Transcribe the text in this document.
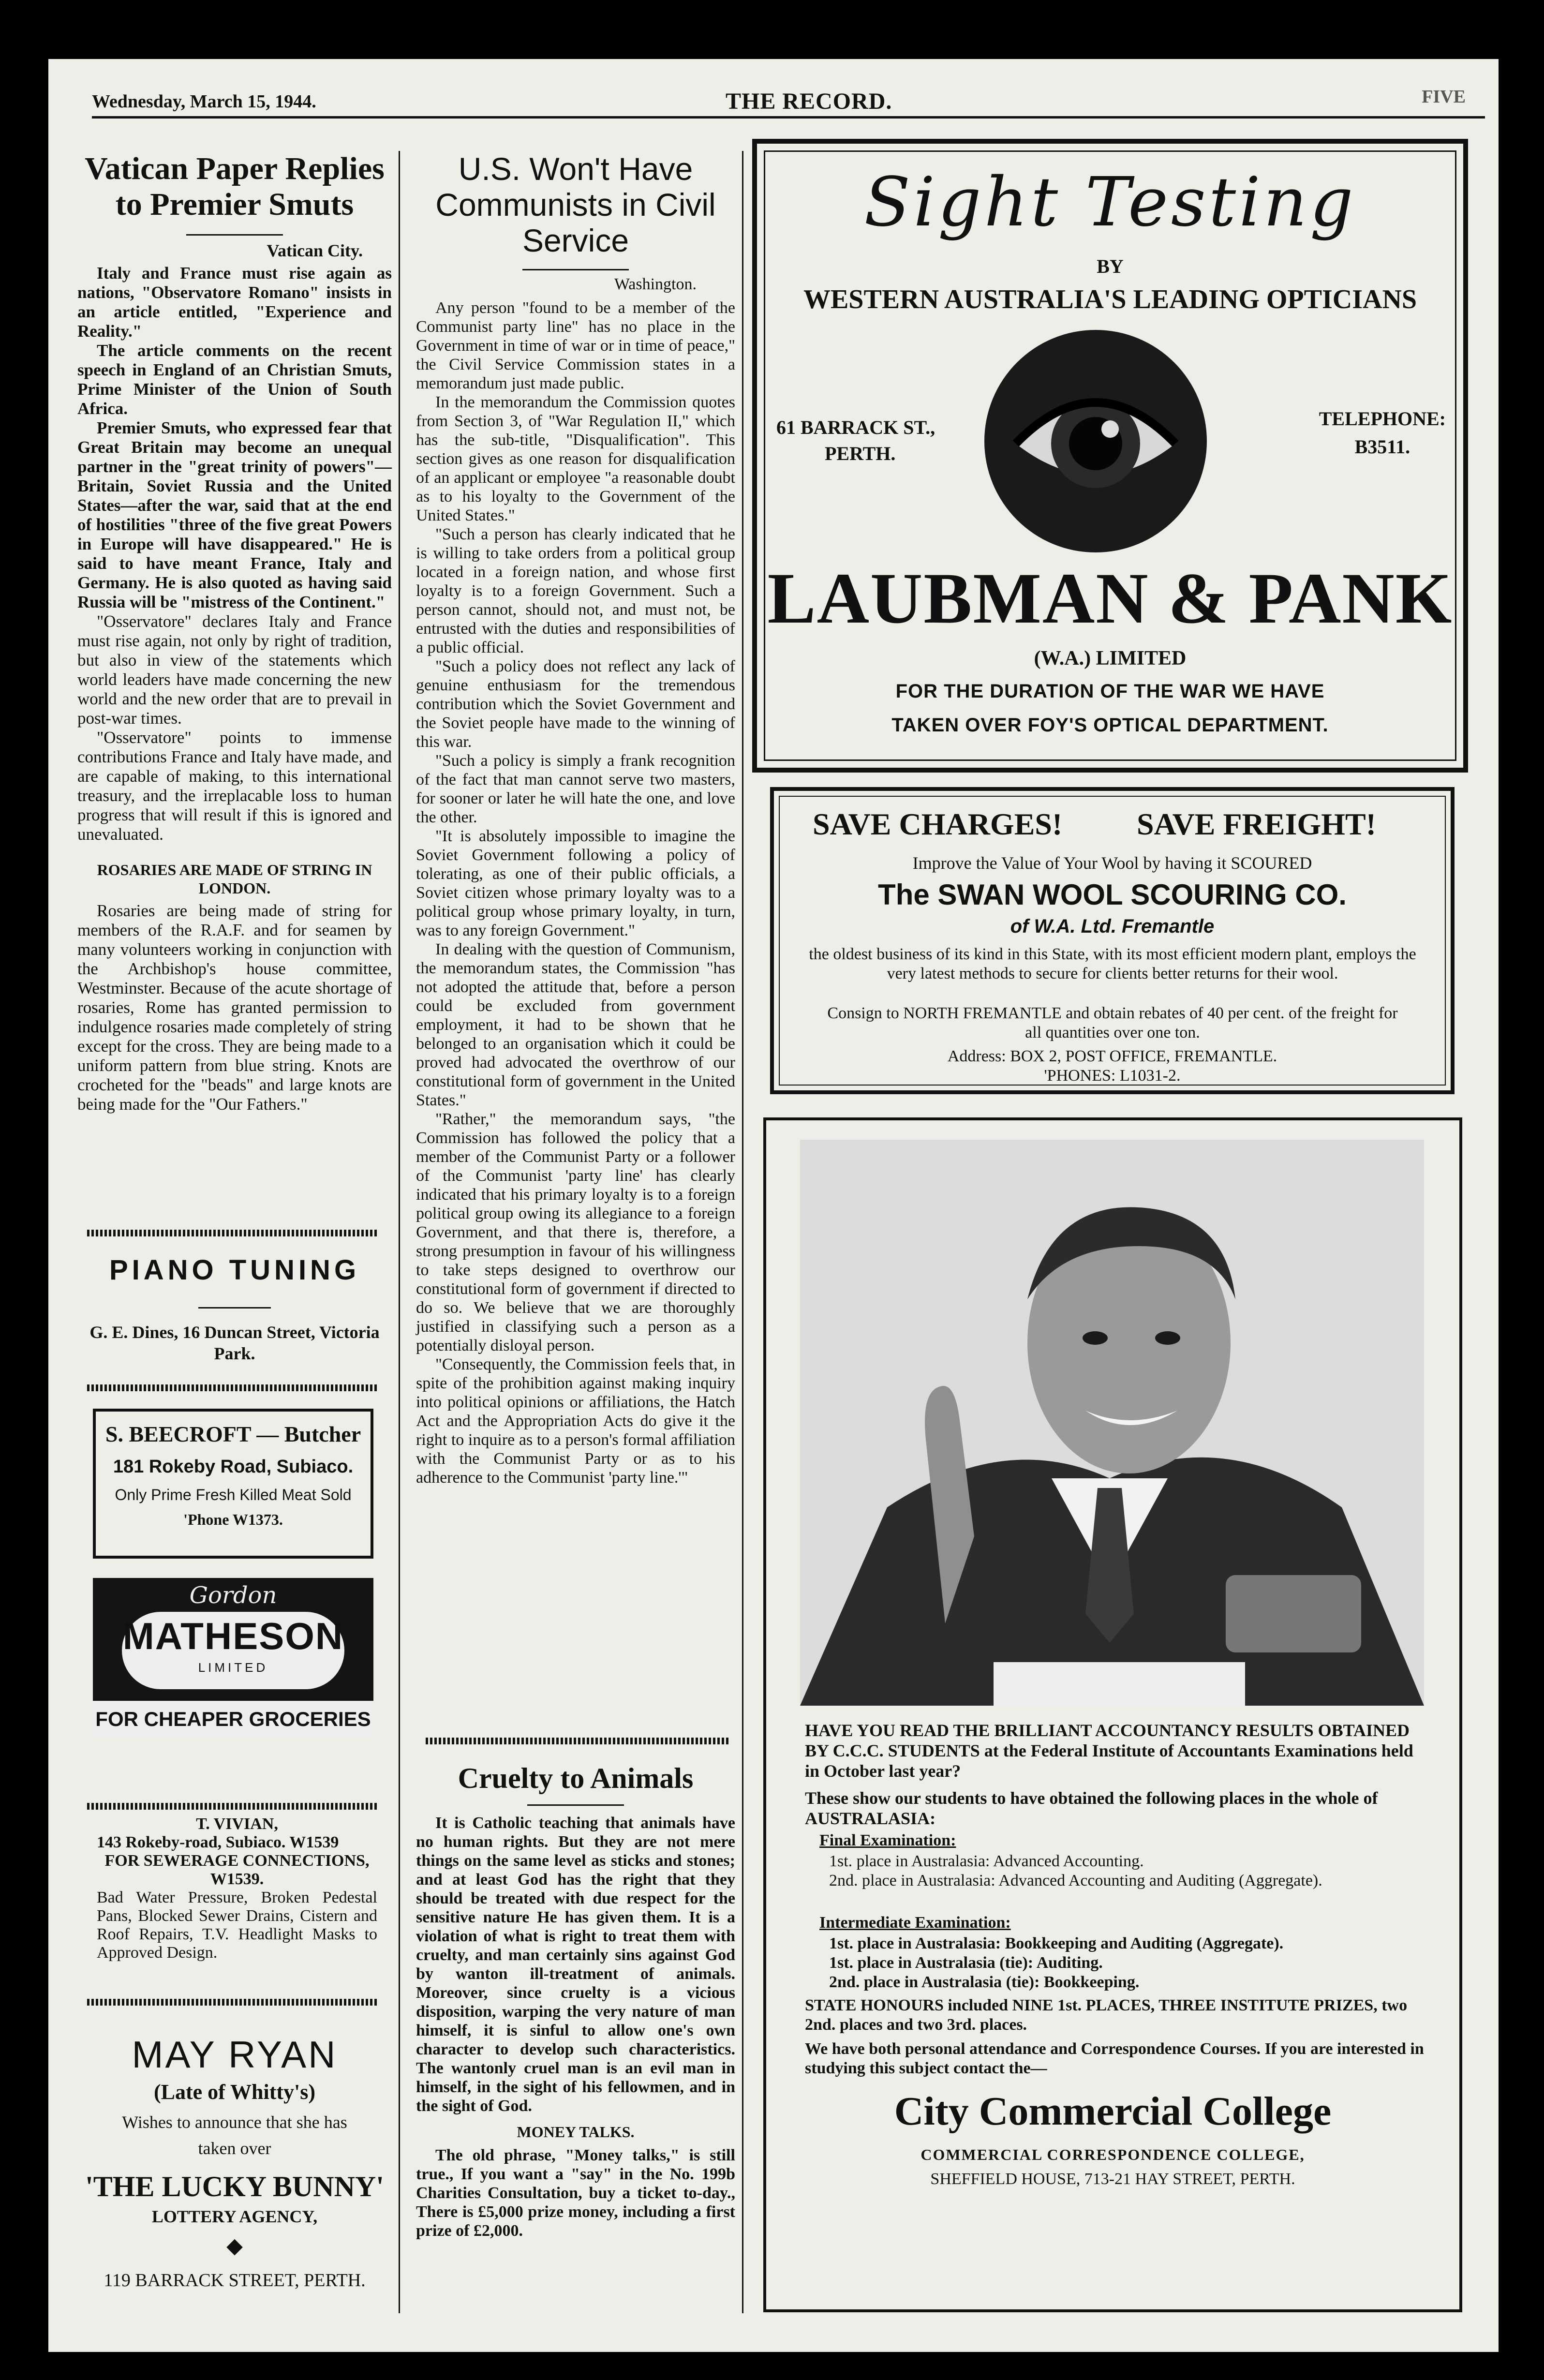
Wednesday, March 15, 1944.	THE RECORD.	FIVE
Vatican Paper Replies to Premier Smuts
Vatican City.

Italy and France must rise again as nations, "Observatore Romano" insists in an article entitled, "Experience and Reality."

The article comments on the recent speech in England of an Christian Smuts, Prime Minister of the Union of South Africa.

Premier Smuts, who expressed fear that Great Britain may become an unequal partner in the "great trinity of powers"—Britain, Soviet Russia and the United States—after the war, said that at the end of hostilities "three of the five great Powers in Europe will have disappeared." He is said to have meant France, Italy and Germany. He is also quoted as having said Russia will be "mistress of the Continent."

"Osservatore" declares Italy and France must rise again, not only by right of tradition, but also in view of the statements which world leaders have made concerning the new world and the new order that are to prevail in post-war times.

"Osservatore" points to immense contributions France and Italy have made, and are capable of making, to this international treasury, and the irreplacable loss to human progress that will result if this is ignored and unevaluated.

ROSARIES ARE MADE OF STRING IN LONDON.

Rosaries are being made of string for members of the R.A.F. and for seamen by many volunteers working in conjunction with the Archbishop's house committee, Westminster. Because of the acute shortage of rosaries, Rome has granted permission to indulgence rosaries made completely of string except for the cross. They are being made to a uniform pattern from blue string. Knots are crocheted for the "beads" and large knots are being made for the "Our Fathers."

PIANO TUNING
G. E. Dines, 16 Duncan Street, Victoria Park.
S. BEECROFT — Butcher
181 Rokeby Road, Subiaco.
Only Prime Fresh Killed Meat Sold
'Phone W1373.
Gordon
MATHESON
LIMITED
FOR CHEAPER GROCERIES
T. VIVIAN,
143 Rokeby-road, Subiaco. W1539
FOR SEWERAGE CONNECTIONS, W1539.
Bad Water Pressure, Broken Pedestal Pans, Blocked Sewer Drains, Cistern and Roof Repairs, T.V. Headlight Masks to Approved Design.
MAY RYAN
(Late of Whitty's)
Wishes to announce that she has taken over
'THE LUCKY BUNNY'
LOTTERY AGENCY,
◆
119 BARRACK STREET, PERTH.
U.S. Won't Have Communists in Civil Service
Washington.

Any person "found to be a member of the Communist party line" has no place in the Government in time of war or in time of peace," the Civil Service Commission states in a memorandum just made public.

In the memorandum the Commission quotes from Section 3, of "War Regulation II," which has the sub-title, "Disqualification". This section gives as one reason for disqualification of an applicant or employee "a reasonable doubt as to his loyalty to the Government of the United States."

"Such a person has clearly indicated that he is willing to take orders from a political group located in a foreign nation, and whose first loyalty is to a foreign Government. Such a person cannot, should not, and must not, be entrusted with the duties and responsibilities of a public official.

"Such a policy does not reflect any lack of genuine enthusiasm for the tremendous contribution which the Soviet Government and the Soviet people have made to the winning of this war.

"Such a policy is simply a frank recognition of the fact that man cannot serve two masters, for sooner or later he will hate the one, and love the other.

"It is absolutely impossible to imagine the Soviet Government following a policy of tolerating, as one of their public officials, a Soviet citizen whose primary loyalty was to a political group whose primary loyalty, in turn, was to any foreign Government."

In dealing with the question of Communism, the memorandum states, the Commission "has not adopted the attitude that, before a person could be excluded from government employment, it had to be shown that he belonged to an organisation which it could be proved had advocated the overthrow of our constitutional form of government in the United States."

"Rather," the memorandum says, "the Commission has followed the policy that a member of the Communist Party or a follower of the Communist 'party line' has clearly indicated that his primary loyalty is to a foreign political group owing its allegiance to a foreign Government, and that there is, therefore, a strong presumption in favour of his willingness to take steps designed to overthrow our constitutional form of government if directed to do so. We believe that we are thoroughly justified in classifying such a person as a potentially disloyal person.

"Consequently, the Commission feels that, in spite of the prohibition against making inquiry into political opinions or affiliations, the Hatch Act and the Appropriation Acts do give it the right to inquire as to a person's formal affiliation with the Communist Party or as to his adherence to the Communist 'party line.'"

Cruelty to Animals

It is Catholic teaching that animals have no human rights. But they are not mere things on the same level as sticks and stones; and at least God has the right that they should be treated with due respect for the sensitive nature He has given them. It is a violation of what is right to treat them with cruelty, and man certainly sins against God by wanton ill-treatment of animals. Moreover, since cruelty is a vicious disposition, warping the very nature of man himself, it is sinful to allow one's own character to develop such characteristics. The wantonly cruel man is an evil man in himself, in the sight of his fellowmen, and in the sight of God.

MONEY TALKS.

The old phrase, "Money talks," is still true., If you want a "say" in the No. 199b Charities Consultation, buy a ticket to-day., There is £5,000 prize money, including a first prize of £2,000.

Sight Testing
BY
WESTERN AUSTRALIA'S LEADING OPTICIANS
61 BARRACK ST.,
PERTH.
TELEPHONE:
B3511.
LAUBMAN & PANK
(W.A.) LIMITED
FOR THE DURATION OF THE WAR WE HAVE
TAKEN OVER FOY'S OPTICAL DEPARTMENT.
SAVE CHARGES! SAVE FREIGHT!
Improve the Value of Your Wool by having it SCOURED
The SWAN WOOL SCOURING CO.
of W.A. Ltd. Fremantle
the oldest business of its kind in this State, with its most efficient modern plant, employs the very latest methods to secure for clients better returns for their wool.
Consign to NORTH FREMANTLE and obtain rebates of 40 per cent. of the freight for all quantities over one ton.
Address: BOX 2, POST OFFICE, FREMANTLE.
'PHONES: L1031-2.
HAVE YOU READ THE BRILLIANT ACCOUNTANCY RESULTS OBTAINED BY C.C.C. STUDENTS at the Federal Institute of Accountants Examinations held in October last year?
These show our students to have obtained the following places in the whole of AUSTRALASIA:
Final Examination:
1st. place in Australasia: Advanced Accounting.
2nd. place in Australasia: Advanced Accounting and Auditing (Aggregate).
Intermediate Examination:
1st. place in Australasia: Bookkeeping and Auditing (Aggregate).
1st. place in Australasia (tie): Auditing.
2nd. place in Australasia (tie): Bookkeeping.
STATE HONOURS included NINE 1st. PLACES, THREE INSTITUTE PRIZES, two 2nd. places and two 3rd. places.
We have both personal attendance and Correspondence Courses. If you are interested in studying this subject contact the—
City Commercial College
COMMERCIAL CORRESPONDENCE COLLEGE,
SHEFFIELD HOUSE, 713-21 HAY STREET, PERTH.
